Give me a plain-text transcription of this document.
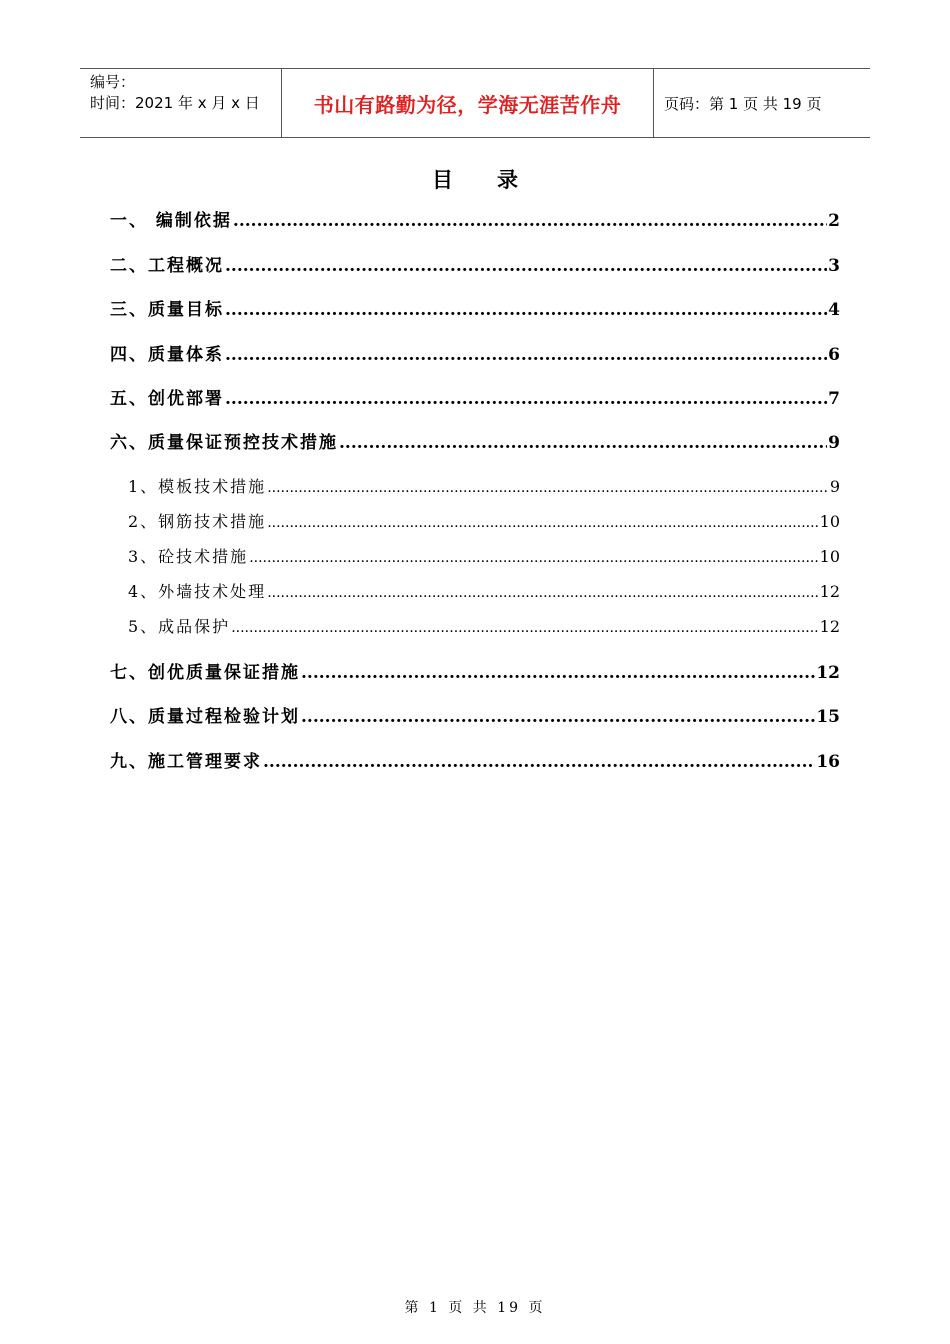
编号：
时间：2021 年 x 月 x 日	书山有路勤为径，学海无涯苦作舟	页码：第 1 页 共 19 页
目录
一、 编制依据 .....	2
二、工程概况 .....	3
三、质量目标 .....	4
四、质量体系 .....	6
五、创优部署 .....	7
六、质量保证预控技术措施 .....	9
1、模板技术措施 .....	9
2、钢筋技术措施 .....	10
3、砼技术措施 .....	10
4、外墙技术处理 .....	12
5、成品保护 .....	12
七、创优质量保证措施 .....	12
八、质量过程检验计划 .....	15
九、施工管理要求 .....	16
第 1 页 共 19 页
